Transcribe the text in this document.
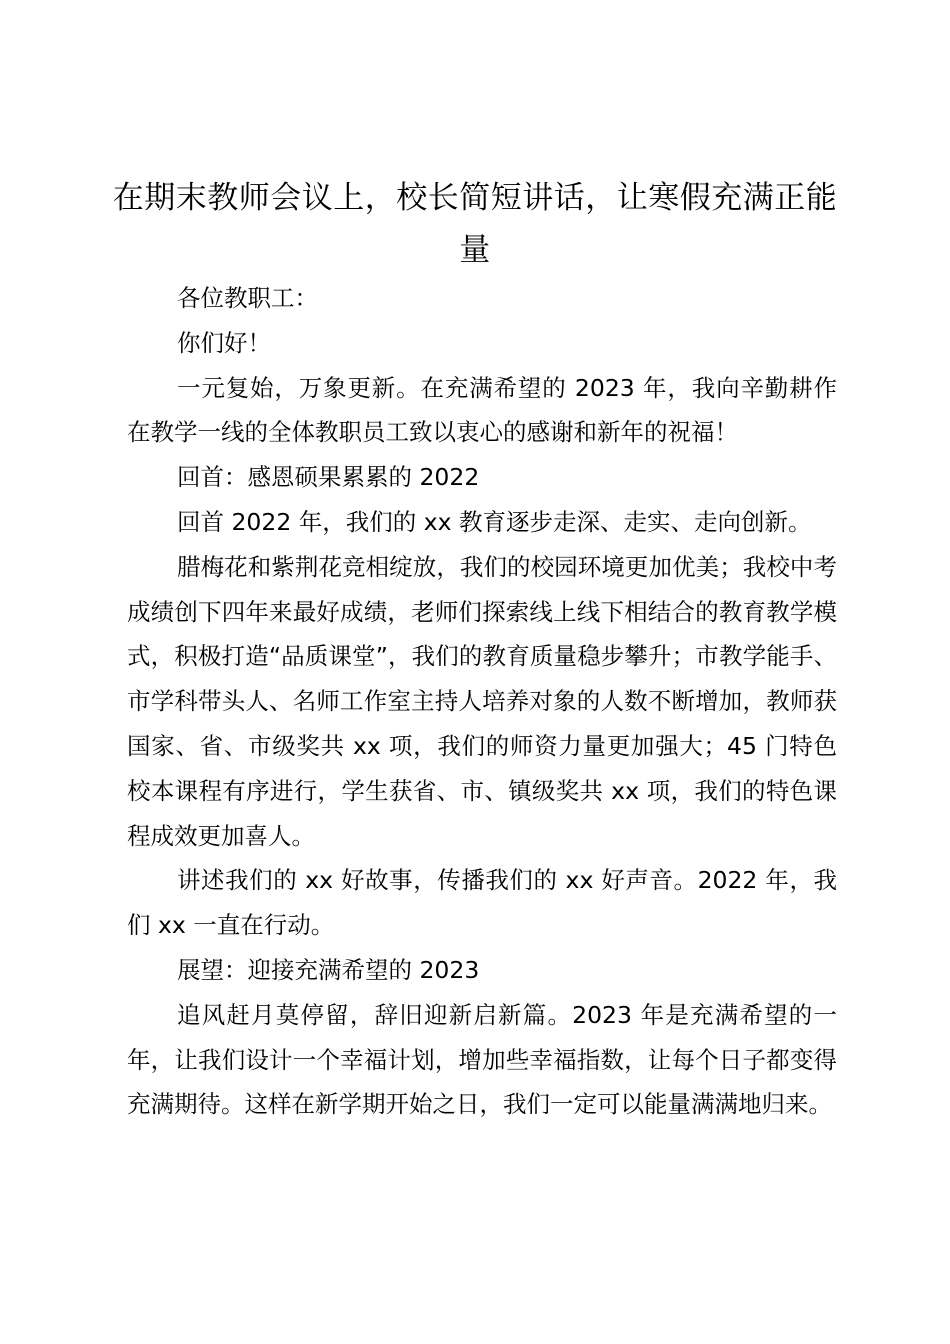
在期末教师会议上，校长简短讲话，让寒假充满正能量

各位教职工：

你们好！

一元复始，万象更新。在充满希望的 2023 年，我向辛勤耕作在教学一线的全体教职员工致以衷心的感谢和新年的祝福！

回首：感恩硕果累累的 2022

回首 2022 年，我们的 xx 教育逐步走深、走实、走向创新。

腊梅花和紫荆花竞相绽放，我们的校园环境更加优美；我校中考成绩创下四年来最好成绩，老师们探索线上线下相结合的教育教学模式，积极打造“品质课堂”，我们的教育质量稳步攀升；市教学能手、市学科带头人、名师工作室主持人培养对象的人数不断增加，教师获国家、省、市级奖共 xx 项，我们的师资力量更加强大；45 门特色校本课程有序进行，学生获省、市、镇级奖共 xx 项，我们的特色课程成效更加喜人。

讲述我们的 xx 好故事，传播我们的 xx 好声音。2022 年，我们 xx 一直在行动。

展望：迎接充满希望的 2023

追风赶月莫停留，辞旧迎新启新篇。2023 年是充满希望的一年，让我们设计一个幸福计划，增加些幸福指数，让每个日子都变得充满期待。这样在新学期开始之日，我们一定可以能量满满地归来。
